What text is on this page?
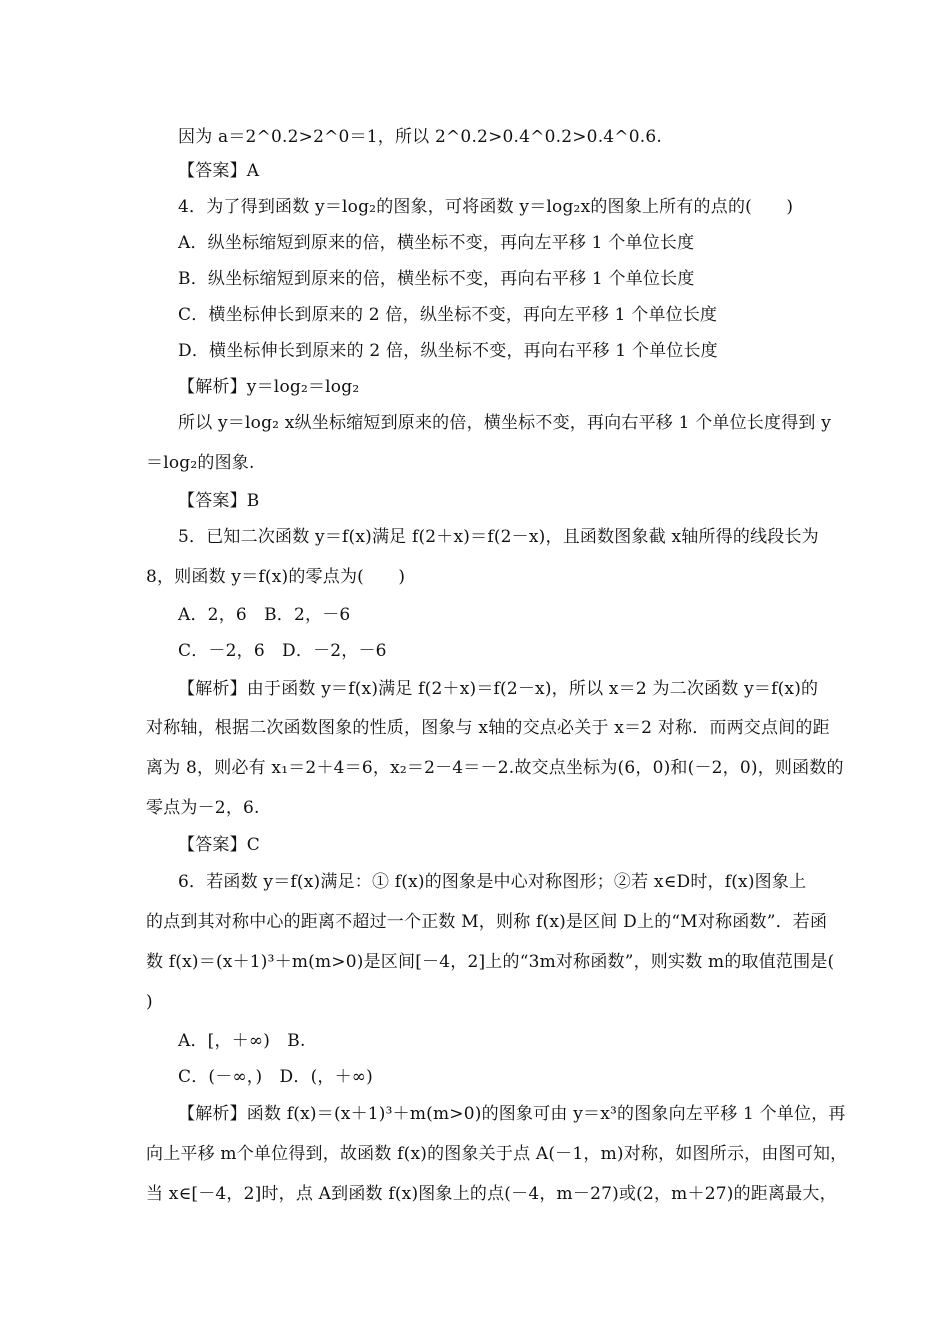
因为 a＝2^0.2>2^0＝1，所以 2^0.2>0.4^0.2>0.4^0.6.
【答案】A
4．为了得到函数 y＝log₂的图象，可将函数 y＝log₂x的图象上所有的点的(　　)
A．纵坐标缩短到原来的倍，横坐标不变，再向左平移 1 个单位长度
B．纵坐标缩短到原来的倍，横坐标不变，再向右平移 1 个单位长度
C．横坐标伸长到原来的 2 倍，纵坐标不变，再向左平移 1 个单位长度
D．横坐标伸长到原来的 2 倍，纵坐标不变，再向右平移 1 个单位长度
【解析】y＝log₂＝log₂
所以 y＝log₂ x纵坐标缩短到原来的倍，横坐标不变，再向右平移 1 个单位长度得到 y
＝log₂的图象.
【答案】B
5．已知二次函数 y＝f(x)满足 f(2＋x)＝f(2－x)，且函数图象截 x轴所得的线段长为
8，则函数 y＝f(x)的零点为(　　)
A．2，6　B．2，－6
C．－2，6　D．－2，－6
【解析】由于函数 y＝f(x)满足 f(2＋x)＝f(2－x)，所以 x＝2 为二次函数 y＝f(x)的
对称轴，根据二次函数图象的性质，图象与 x轴的交点必关于 x＝2 对称．而两交点间的距
离为 8，则必有 x₁＝2＋4＝6，x₂＝2－4＝－2.故交点坐标为(6，0)和(－2，0)，则函数的
零点为－2，6.
【答案】C
6．若函数 y＝f(x)满足：① f(x)的图象是中心对称图形；②若 x∈D时，f(x)图象上
的点到其对称中心的距离不超过一个正数 M，则称 f(x)是区间 D上的“M对称函数”．若函
数 f(x)＝(x＋1)³＋m(m>0)是区间[－4，2]上的“3m对称函数”，则实数 m的取值范围是(
)
A．[，＋∞)　B.
C．(－∞，)　D．(，＋∞)
【解析】函数 f(x)＝(x＋1)³＋m(m>0)的图象可由 y＝x³的图象向左平移 1 个单位，再
向上平移 m个单位得到，故函数 f(x)的图象关于点 A(－1，m)对称，如图所示，由图可知，
当 x∈[－4，2]时，点 A到函数 f(x)图象上的点(－4，m－27)或(2，m＋27)的距离最大，
